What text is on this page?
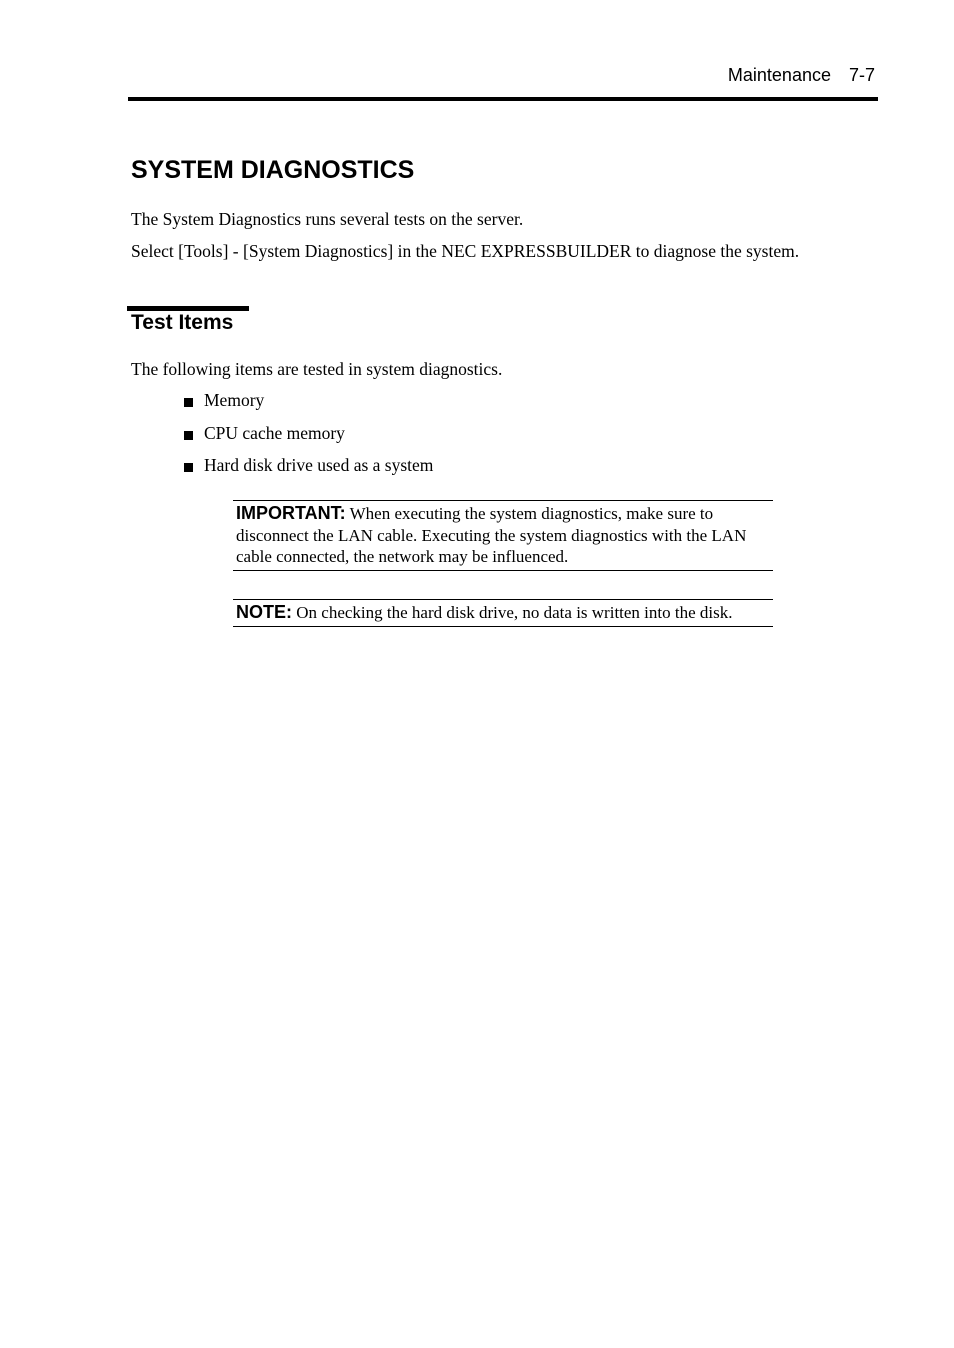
Maintenance 7-7
SYSTEM DIAGNOSTICS

The System Diagnostics runs several tests on the server.

Select [Tools] - [System Diagnostics] in the NEC EXPRESSBUILDER to diagnose the system.

Test Items

The following items are tested in system diagnostics.

Memory
CPU cache memory
Hard disk drive used as a system
IMPORTANT: When executing the system diagnostics, make sure to disconnect the LAN cable. Executing the system diagnostics with the LAN cable connected, the network may be influenced.
NOTE: On checking the hard disk drive, no data is written into the disk.
